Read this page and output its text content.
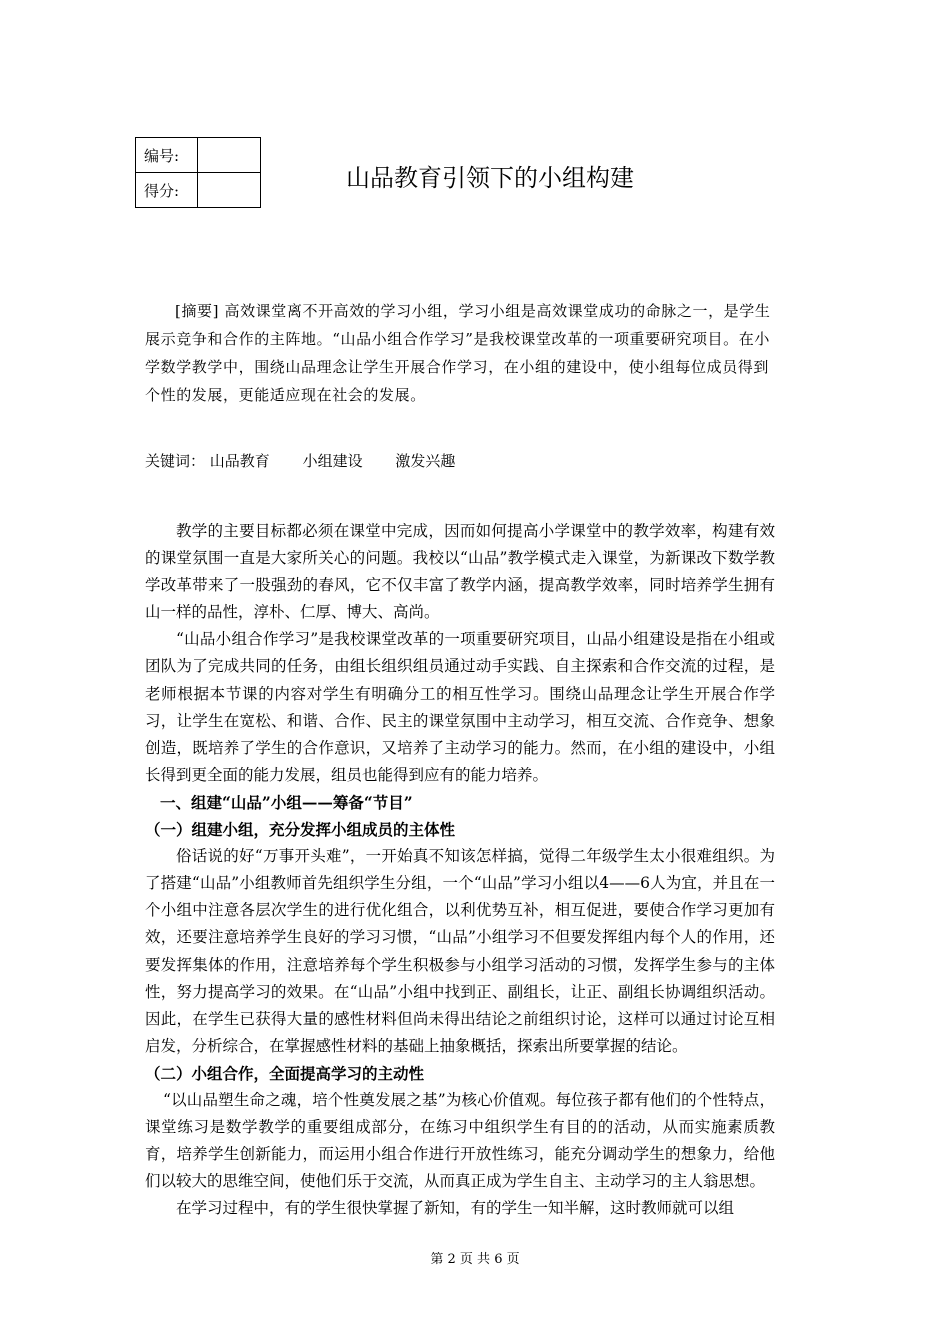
编号:	
得分:		山品教育引领下的小组构建

[摘要] 高效课堂离不开高效的学习小组，学习小组是高效课堂成功的命脉之一，是学生展示竞争和合作的主阵地。“山品小组合作学习”是我校课堂改革的一项重要研究项目。在小学数学教学中，围绕山品理念让学生开展合作学习，在小组的建设中，使小组每位成员得到个性的发展，更能适应现在社会的发展。

关键词： 山品教育 小组建设 激发兴趣

教学的主要目标都必须在课堂中完成，因而如何提高小学课堂中的教学效率，构建有效的课堂氛围一直是大家所关心的问题。我校以“山品”教学模式走入课堂，为新课改下数学教学改革带来了一股强劲的春风，它不仅丰富了教学内涵，提高教学效率，同时培养学生拥有山一样的品性，淳朴、仁厚、博大、高尚。

“山品小组合作学习”是我校课堂改革的一项重要研究项目，山品小组建设是指在小组或团队为了完成共同的任务，由组长组织组员通过动手实践、自主探索和合作交流的过程，是老师根据本节课的内容对学生有明确分工的相互性学习。围绕山品理念让学生开展合作学习，让学生在宽松、和谐、合作、民主的课堂氛围中主动学习，相互交流、合作竞争、想象创造，既培养了学生的合作意识，又培养了主动学习的能力。然而，在小组的建设中，小组长得到更全面的能力发展，组员也能得到应有的能力培养。

一、组建“山品”小组——筹备“节目”
（一）组建小组，充分发挥小组成员的主体性

俗话说的好“万事开头难”，一开始真不知该怎样搞，觉得二年级学生太小很难组织。为了搭建“山品”小组教师首先组织学生分组，一个“山品”学习小组以4——6人为宜，并且在一个小组中注意各层次学生的进行优化组合，以利优势互补，相互促进，要使合作学习更加有效，还要注意培养学生良好的学习习惯，“山品”小组学习不但要发挥组内每个人的作用，还要发挥集体的作用，注意培养每个学生积极参与小组学习活动的习惯，发挥学生参与的主体性，努力提高学习的效果。在“山品”小组中找到正、副组长，让正、副组长协调组织活动。因此，在学生已获得大量的感性材料但尚未得出结论之前组织讨论，这样可以通过讨论互相启发，分析综合，在掌握感性材料的基础上抽象概括，探索出所要掌握的结论。

（二）小组合作，全面提高学习的主动性

“以山品塑生命之魂，培个性奠发展之基”为核心价值观。每位孩子都有他们的个性特点，课堂练习是数学教学的重要组成部分，在练习中组织学生有目的的活动，从而实施素质教育，培养学生创新能力，而运用小组合作进行开放性练习，能充分调动学生的想象力，给他们以较大的思维空间，使他们乐于交流，从而真正成为学生自主、主动学习的主人翁思想。

在学习过程中，有的学生很快掌握了新知，有的学生一知半解，这时教师就可以组

第 2 页 共 6 页
